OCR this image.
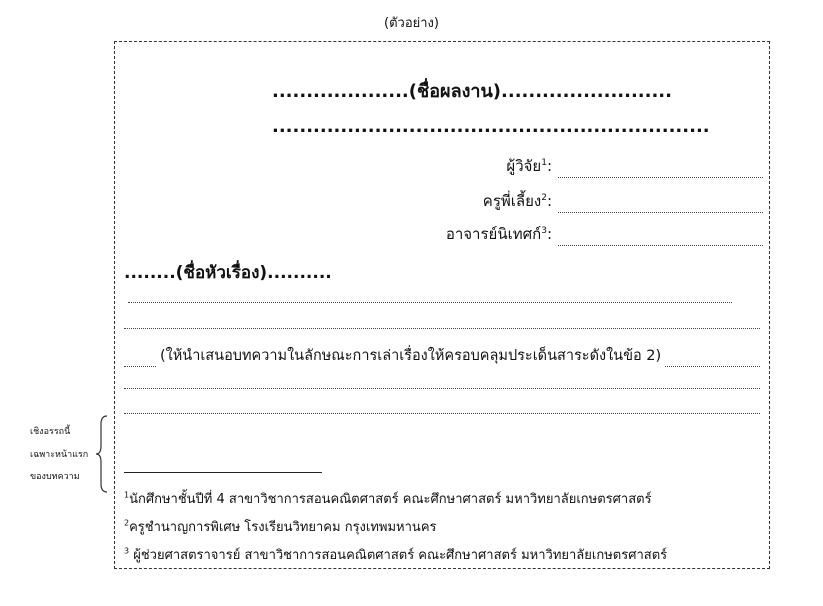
(ตัวอย่าง)
....................(ชื่อผลงาน).........................
................................................................
ผู้วิจัย$^1$:
ครูพี่เลี้ยง$^2$:
อาจารย์นิเทศก์$^3$:
........(ชื่อหัวเรื่อง)..........
(ให้นำเสนอบทความในลักษณะการเล่าเรื่องให้ครอบคลุมประเด็นสาระดังในข้อ 2)
เชิงอรรถนี้
เฉพาะหน้าแรก
ของบทความ
$^1$นักศึกษาชั้นปีที่ 4 สาขาวิชาการสอนคณิตศาสตร์ คณะศึกษาศาสตร์ มหาวิทยาลัยเกษตรศาสตร์
$^2$ครูชำนาญการพิเศษ โรงเรียนวิทยาคม กรุงเทพมหานคร
$^3$ ผู้ช่วยศาสตราจารย์ สาขาวิชาการสอนคณิตศาสตร์ คณะศึกษาศาสตร์ มหาวิทยาลัยเกษตรศาสตร์
